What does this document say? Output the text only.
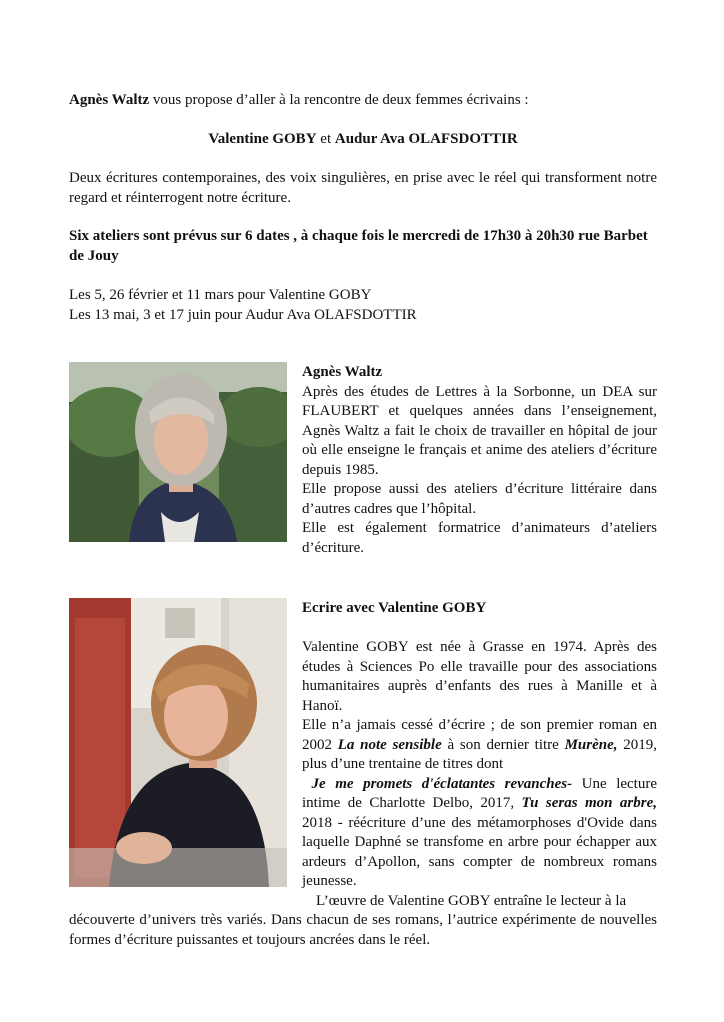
Agnès Waltz vous propose d’aller à la rencontre de deux femmes écrivains :
Valentine GOBY et Audur Ava OLAFSDOTTIR
Deux écritures contemporaines, des voix singulières, en prise avec le réel qui transforment notre regard et réinterrogent notre écriture.
Six ateliers sont prévus sur 6 dates , à chaque fois le mercredi de 17h30 à 20h30 rue Barbet de Jouy
Les 5, 26 février et 11 mars pour Valentine GOBY
Les 13 mai, 3 et 17 juin pour Audur Ava OLAFSDOTTIR
Agnès Waltz
Après des études de Lettres à la Sorbonne, un DEA sur FLAUBERT et quelques années dans l’enseignement, Agnès Waltz a fait le choix de travailler en hôpital de jour où elle enseigne le français et anime des ateliers d’écriture depuis 1985.
Elle propose aussi des ateliers d’écriture littéraire dans d’autres cadres que l’hôpital.
Elle est également formatrice d’animateurs d’ateliers d’écriture.
Ecrire avec Valentine GOBY
Valentine GOBY est née à Grasse en 1974. Après des études à Sciences Po elle travaille pour des associations humanitaires auprès d’enfants des rues à Manille et à Hanoï.
Elle n’a jamais cessé d’écrire ; de son premier roman en 2002 La note sensible à son dernier titre Murène, 2019, plus d’une trentaine de titres dont
Je me promets d'éclatantes revanches- Une lecture intime de Charlotte Delbo, 2017, Tu seras mon arbre, 2018 - réécriture d’une des métamorphoses d'Ovide dans laquelle Daphné se transfome en arbre pour échapper aux ardeurs d’Apollon, sans compter de nombreux romans jeunesse.
L’œuvre de Valentine GOBY entraîne le lecteur à la
découverte d’univers très variés. Dans chacun de ses romans, l’autrice expérimente de nouvelles formes d’écriture puissantes et toujours ancrées dans le réel.
